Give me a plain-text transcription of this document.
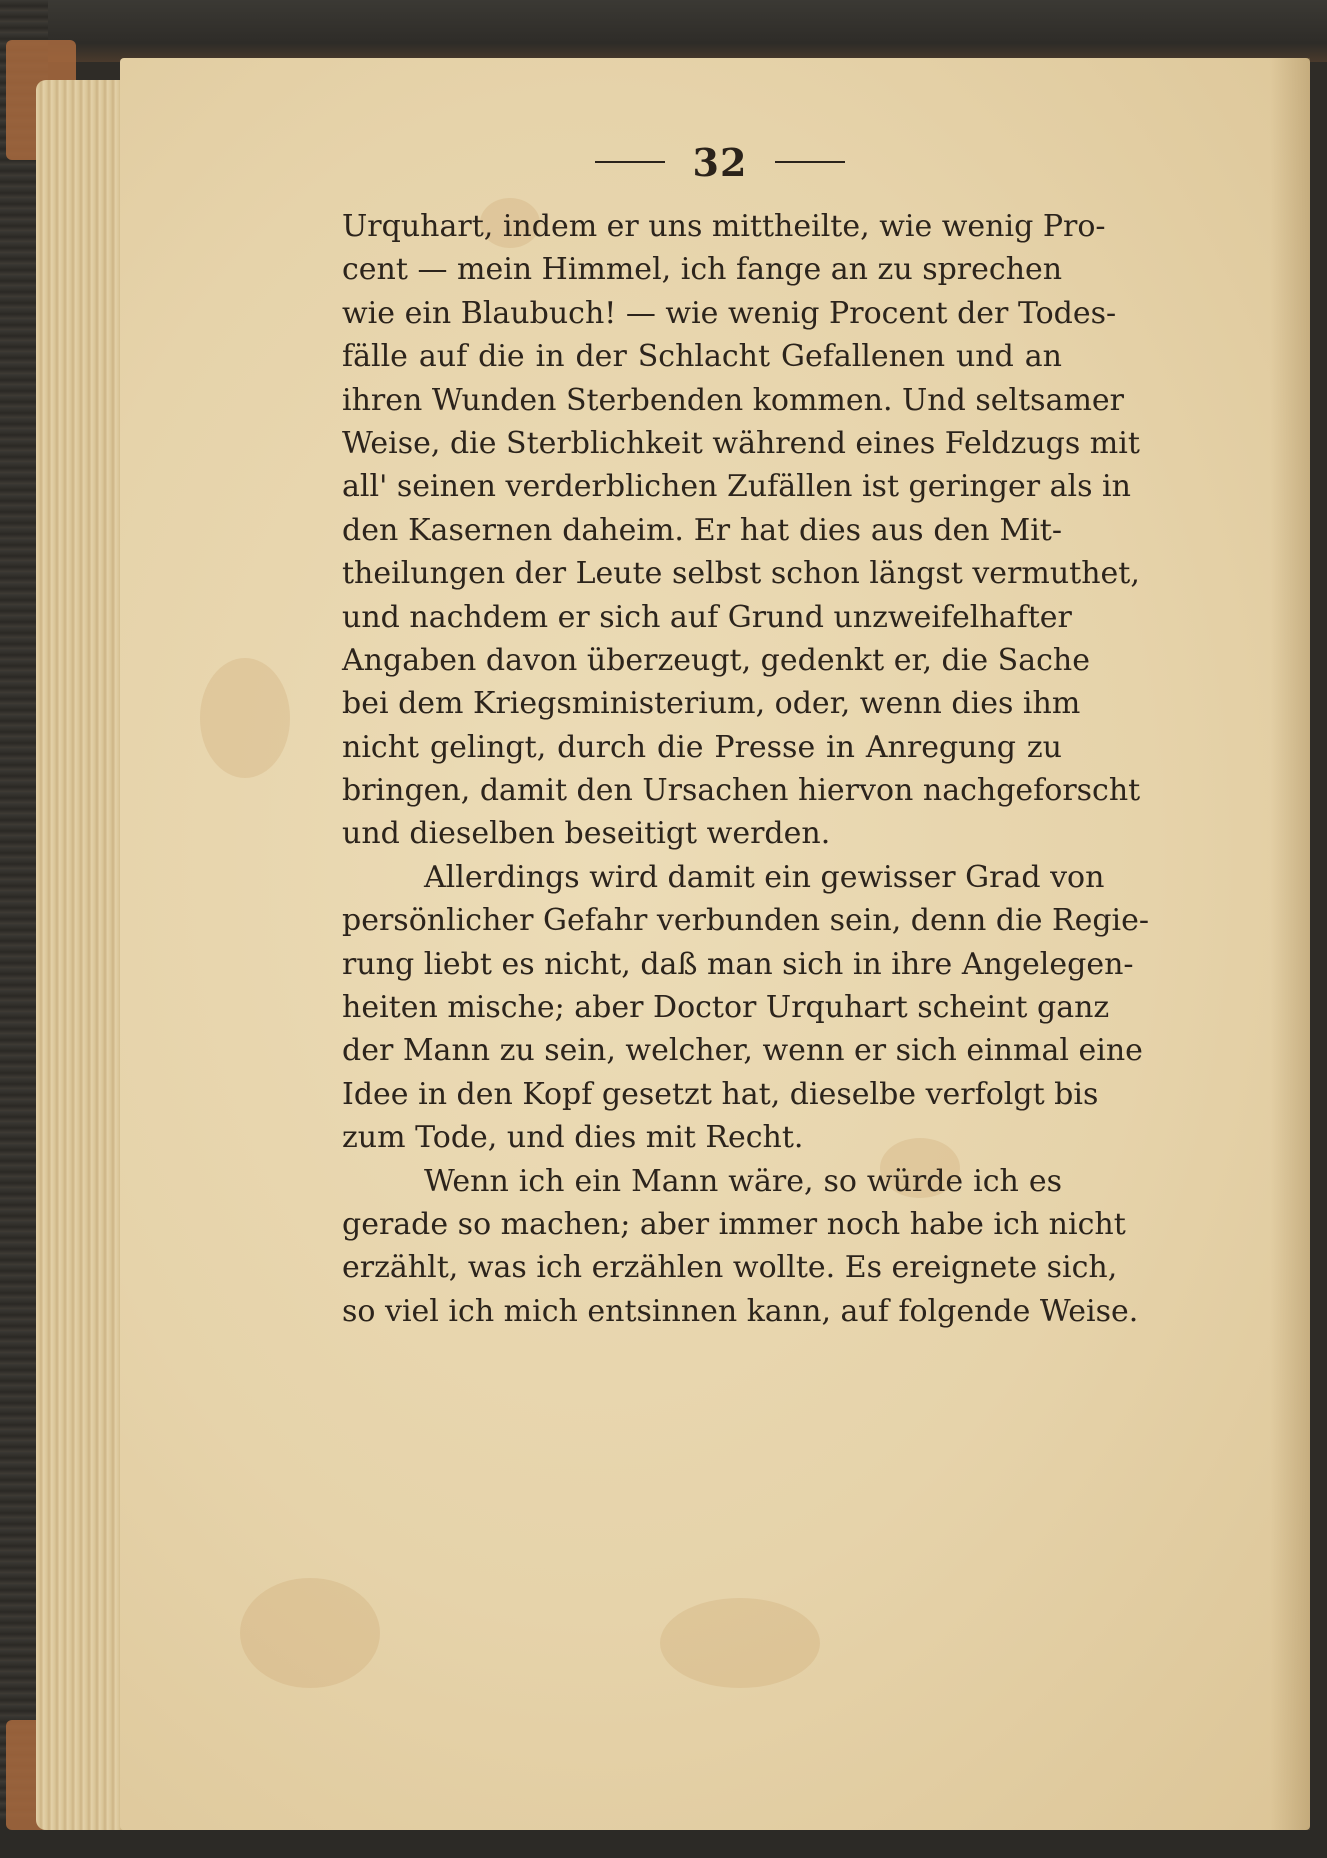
32
Urquhart, indem er uns mittheilte, wie wenig Pro-
cent — mein Himmel, ich fange an zu sprechen
wie ein Blaubuch! — wie wenig Procent der Todes-
fälle auf die in der Schlacht Gefallenen und an
ihren Wunden Sterbenden kommen. Und seltsamer
Weise, die Sterblichkeit während eines Feldzugs mit
all' seinen verderblichen Zufällen ist geringer als in
den Kasernen daheim. Er hat dies aus den Mit-
theilungen der Leute selbst schon längst vermuthet,
und nachdem er sich auf Grund unzweifelhafter
Angaben davon überzeugt, gedenkt er, die Sache
bei dem Kriegsministerium, oder, wenn dies ihm
nicht gelingt, durch die Presse in Anregung zu
bringen, damit den Ursachen hiervon nachgeforscht
und dieselben beseitigt werden.
Allerdings wird damit ein gewisser Grad von
persönlicher Gefahr verbunden sein, denn die Regie-
rung liebt es nicht, daß man sich in ihre Angelegen-
heiten mische; aber Doctor Urquhart scheint ganz
der Mann zu sein, welcher, wenn er sich einmal eine
Idee in den Kopf gesetzt hat, dieselbe verfolgt bis
zum Tode, und dies mit Recht.
Wenn ich ein Mann wäre, so würde ich es
gerade so machen; aber immer noch habe ich nicht
erzählt, was ich erzählen wollte. Es ereignete sich,
so viel ich mich entsinnen kann, auf folgende Weise.
